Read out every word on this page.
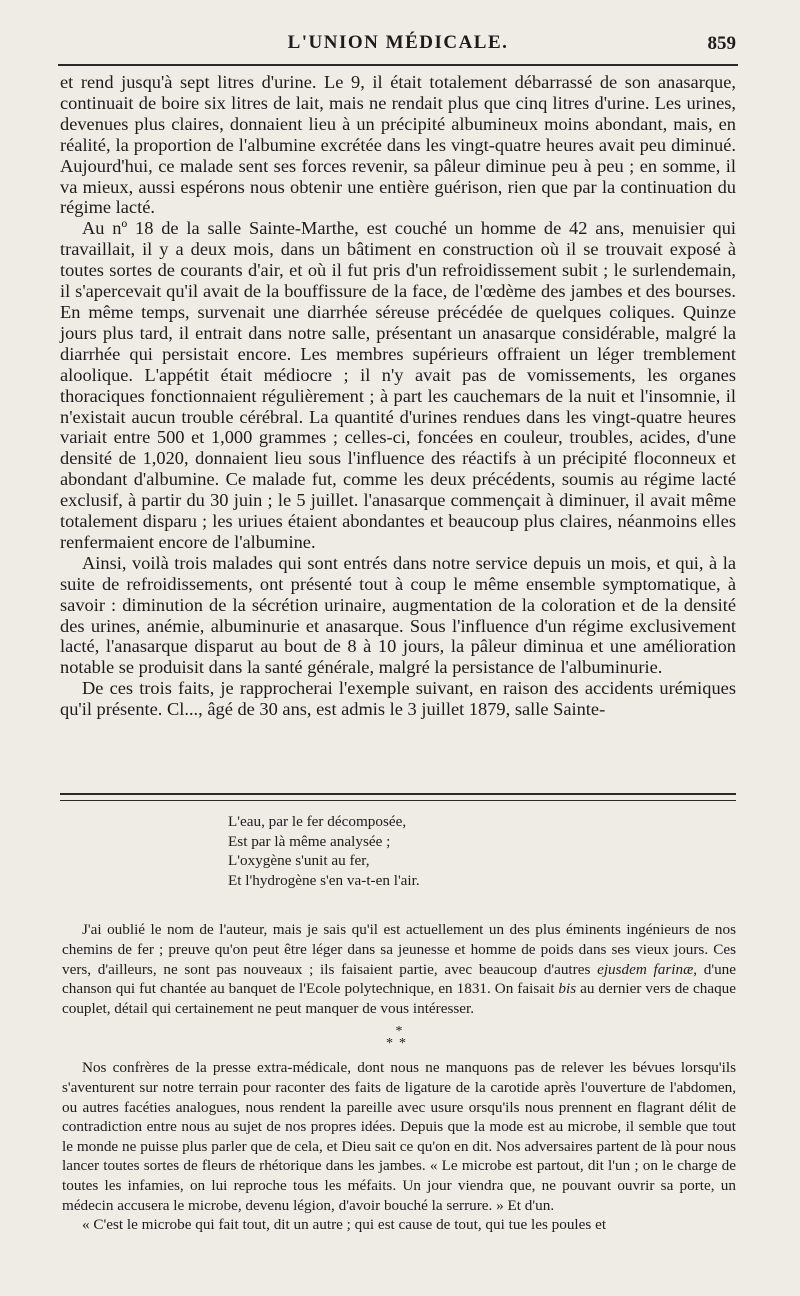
L'UNION MÉDICALE.	859

et rend jusqu'à sept litres d'urine. Le 9, il était totalement débarrassé de son anasarque, continuait de boire six litres de lait, mais ne rendait plus que cinq litres d'urine. Les urines, devenues plus claires, donnaient lieu à un précipité albumineux moins abondant, mais, en réalité, la proportion de l'albumine excrétée dans les vingt-quatre heures avait peu diminué. Aujourd'hui, ce malade sent ses forces revenir, sa pâleur diminue peu à peu ; en somme, il va mieux, aussi espérons nous obtenir une entière guérison, rien que par la continuation du régime lacté.

Au nº 18 de la salle Sainte-Marthe, est couché un homme de 42 ans, menuisier qui travaillait, il y a deux mois, dans un bâtiment en construction où il se trouvait exposé à toutes sortes de courants d'air, et où il fut pris d'un refroidissement subit ; le surlendemain, il s'apercevait qu'il avait de la bouffissure de la face, de l'œdème des jambes et des bourses. En même temps, survenait une diarrhée séreuse précédée de quelques coliques. Quinze jours plus tard, il entrait dans notre salle, présentant un anasarque considérable, malgré la diarrhée qui persistait encore. Les membres supérieurs offraient un léger tremblement aloolique. L'appétit était médiocre ; il n'y avait pas de vomissements, les organes thoraciques fonctionnaient régulièrement ; à part les cauchemars de la nuit et l'insomnie, il n'existait aucun trouble cérébral. La quantité d'urines rendues dans les vingt-quatre heures variait entre 500 et 1,000 grammes ; celles-ci, foncées en couleur, troubles, acides, d'une densité de 1,020, donnaient lieu sous l'influence des réactifs à un précipité floconneux et abondant d'albumine. Ce malade fut, comme les deux précédents, soumis au régime lacté exclusif, à partir du 30 juin ; le 5 juillet. l'anasarque commençait à diminuer, il avait même totalement disparu ; les uriues étaient abondantes et beaucoup plus claires, néanmoins elles renfermaient encore de l'albumine.

Ainsi, voilà trois malades qui sont entrés dans notre service depuis un mois, et qui, à la suite de refroidissements, ont présenté tout à coup le même ensemble symptomatique, à savoir : diminution de la sécrétion urinaire, augmentation de la coloration et de la densité des urines, anémie, albuminurie et anasarque. Sous l'influence d'un régime exclusivement lacté, l'anasarque disparut au bout de 8 à 10 jours, la pâleur diminua et une amélioration notable se produisit dans la santé générale, malgré la persistance de l'albuminurie.

De ces trois faits, je rapprocherai l'exemple suivant, en raison des accidents urémiques qu'il présente. Cl..., âgé de 30 ans, est admis le 3 juillet 1879, salle Sainte-

L'eau, par le fer décomposée,
Est par là même analysée ;
L'oxygène s'unit au fer,
Et l'hydrogène s'en va-t-en l'air.

J'ai oublié le nom de l'auteur, mais je sais qu'il est actuellement un des plus éminents ingénieurs de nos chemins de fer ; preuve qu'on peut être léger dans sa jeunesse et homme de poids dans ses vieux jours. Ces vers, d'ailleurs, ne sont pas nouveaux ; ils faisaient partie, avec beaucoup d'autres ejusdem farinæ, d'une chanson qui fut chantée au banquet de l'Ecole polytechnique, en 1831. On faisait bis au dernier vers de chaque couplet, détail qui certainement ne peut manquer de vous intéresser.

*
**

Nos confrères de la presse extra-médicale, dont nous ne manquons pas de relever les bévues lorsqu'ils s'aventurent sur notre terrain pour raconter des faits de ligature de la carotide après l'ouverture de l'abdomen, ou autres facéties analogues, nous rendent la pareille avec usure orsqu'ils nous prennent en flagrant délit de contradiction entre nous au sujet de nos propres idées. Depuis que la mode est au microbe, il semble que tout le monde ne puisse plus parler que de cela, et Dieu sait ce qu'on en dit. Nos adversaires partent de là pour nous lancer toutes sortes de fleurs de rhétorique dans les jambes. « Le microbe est partout, dit l'un ; on le charge de toutes les infamies, on lui reproche tous les méfaits. Un jour viendra que, ne pouvant ouvrir sa porte, un médecin accusera le microbe, devenu légion, d'avoir bouché la serrure. » Et d'un.

« C'est le microbe qui fait tout, dit un autre ; qui est cause de tout, qui tue les poules et
